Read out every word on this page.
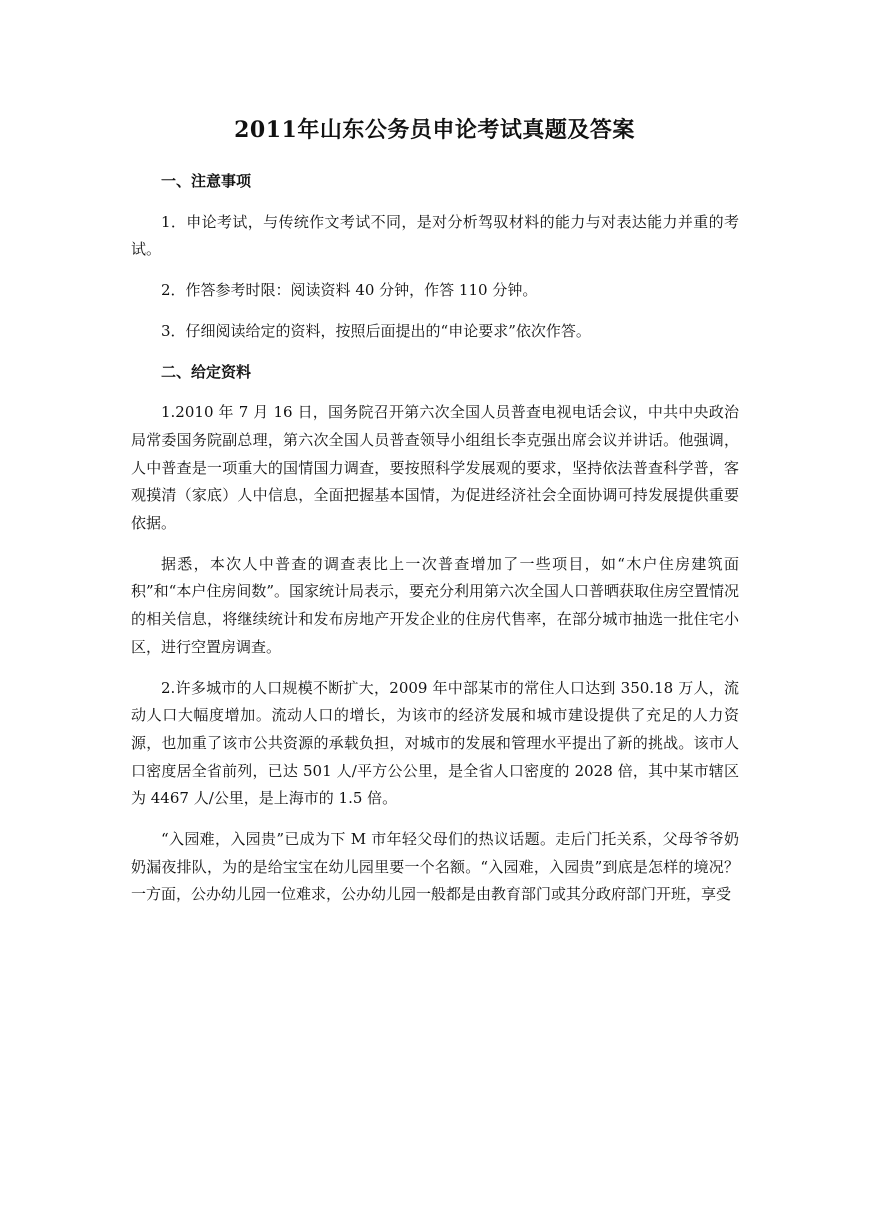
2011年山东公务员申论考试真题及答案
一、注意事项
1．申论考试，与传统作文考试不同，是对分析驾驭材料的能力与对表达能力并重的考试。
2．作答参考时限：阅读资料 40 分钟，作答 110 分钟。
3．仔细阅读给定的资料，按照后面提出的“申论要求”依次作答。
二、给定资料
1.2010 年 7 月 16 日，国务院召开第六次全国人员普查电视电话会议，中共中央政治局常委国务院副总理，第六次全国人员普查领导小组组长李克强出席会议并讲话。他强调，人中普查是一项重大的国情国力调查，要按照科学发展观的要求，坚持依法普查科学普，客观摸清（家底）人中信息，全面把握基本国情，为促进经济社会全面协调可持发展提供重要依据。
据悉，本次人中普查的调查表比上一次普查增加了一些项目，如“木户住房建筑面积”和“本户住房间数”。国家统计局表示，要充分利用第六次全国人口普晒获取住房空置情况的相关信息，将继续统计和发布房地产开发企业的住房代售率，在部分城市抽选一批住宅小区，进行空置房调查。
2.许多城市的人口规模不断扩大，2009 年中部某市的常住人口达到 350.18 万人，流动人口大幅度增加。流动人口的增长，为该市的经济发展和城市建设提供了充足的人力资源，也加重了该市公共资源的承载负担，对城市的发展和管理水平提出了新的挑战。该市人口密度居全省前列，已达 501 人/平方公公里，是全省人口密度的 2028 倍，其中某市辖区　为 4467 人/公里，是上海市的 1.5 倍。
“入园难，入园贵”已成为下 M 市年轻父母们的热议话题。走后门托关系，父母爷爷奶奶漏夜排队，为的是给宝宝在幼儿园里要一个名额。“入园难，入园贵”到底是怎样的境况？一方面，公办幼儿园一位难求，公办幼儿园一般都是由教育部门或其分政府部门开班，享受
